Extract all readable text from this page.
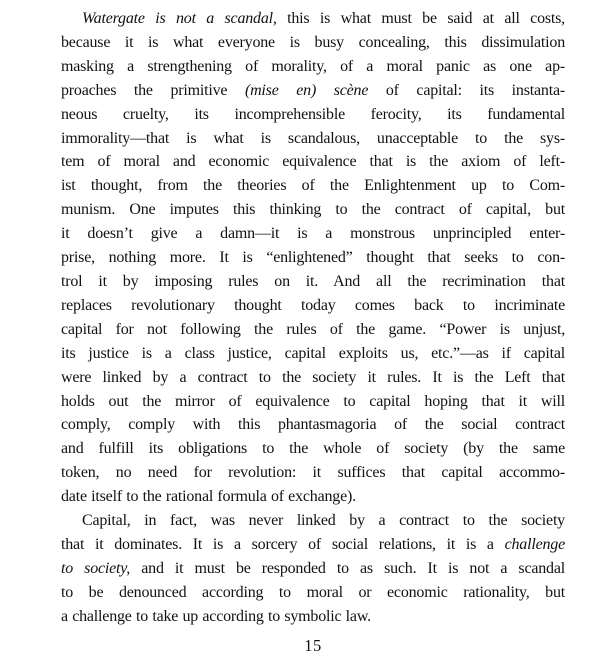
Watergate is not a scandal, this is what must be said at all costs,
because it is what everyone is busy concealing, this dissimulation
masking a strengthening of morality, of a moral panic as one ap-
proaches the primitive (mise en) scène of capital: its instanta-
neous cruelty, its incomprehensible ferocity, its fundamental
immorality—that is what is scandalous, unacceptable to the sys-
tem of moral and economic equivalence that is the axiom of left-
ist thought, from the theories of the Enlightenment up to Com-
munism. One imputes this thinking to the contract of capital, but
it doesn’t give a damn—it is a monstrous unprincipled enter-
prise, nothing more. It is “enlightened” thought that seeks to con-
trol it by imposing rules on it. And all the recrimination that
replaces revolutionary thought today comes back to incriminate
capital for not following the rules of the game. “Power is unjust,
its justice is a class justice, capital exploits us, etc.”—as if capital
were linked by a contract to the society it rules. It is the Left that
holds out the mirror of equivalence to capital hoping that it will
comply, comply with this phantasmagoria of the social contract
and fulfill its obligations to the whole of society (by the same
token, no need for revolution: it suffices that capital accommo-
date itself to the rational formula of exchange).
Capital, in fact, was never linked by a contract to the society
that it dominates. It is a sorcery of social relations, it is a challenge
to society, and it must be responded to as such. It is not a scandal
to be denounced according to moral or economic rationality, but
a challenge to take up according to symbolic law.
15
